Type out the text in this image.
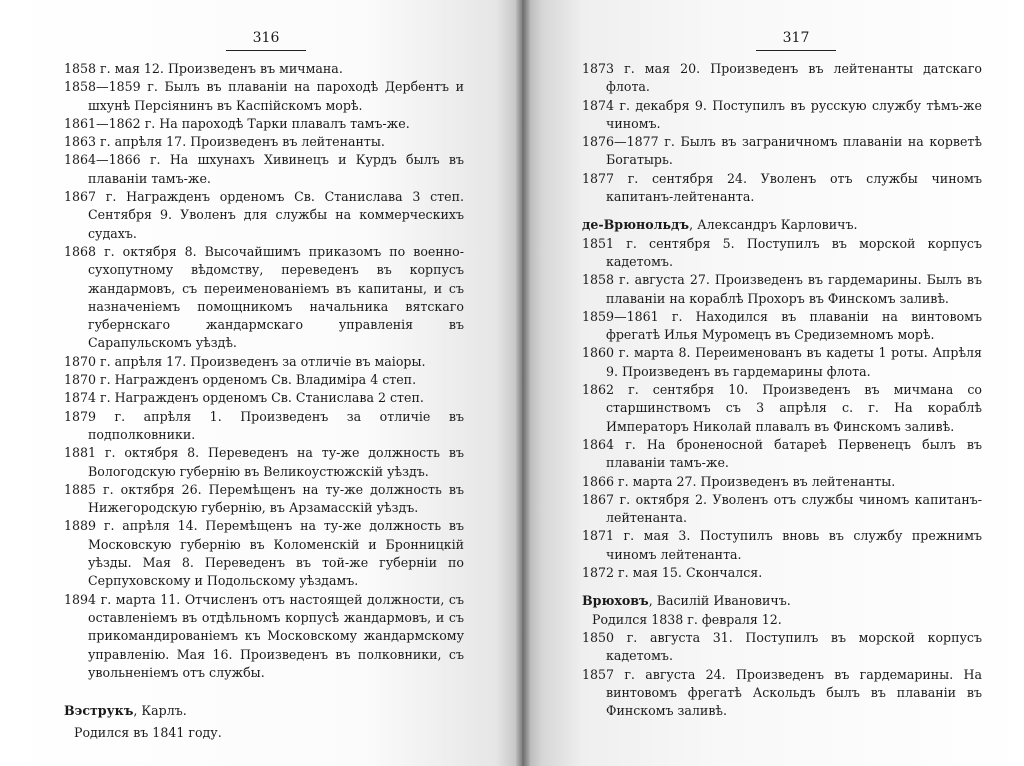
316

1858 г. мая 12. Произведенъ въ мичмана.

1858—1859 г. Былъ въ плаваніи на пароходѣ Дербентъ и шхунѣ Персіянинъ въ Каспійскомъ морѣ.

1861—1862 г. На пароходѣ Тарки плавалъ тамъ-же.

1863 г. апрѣля 17. Произведенъ въ лейтенанты.

1864—1866 г. На шхунахъ Хивинецъ и Курдъ былъ въ плаваніи тамъ-же.

1867 г. Награжденъ орденомъ Св. Станислава 3 степ. Сентября 9. Уволенъ для службы на коммерческихъ судахъ.

1868 г. октября 8. Высочайшимъ приказомъ по военно-сухопутному вѣдомству, переведенъ въ корпусъ жандармовъ, съ переименованіемъ въ капитаны, и съ назначеніемъ помощникомъ начальника вятскаго губернскаго жандармскаго управленія въ Сарапульскомъ уѣздѣ.

1870 г. апрѣля 17. Произведенъ за отличіе въ маіоры.

1870 г. Награжденъ орденомъ Св. Владиміра 4 степ.

1874 г. Награжденъ орденомъ Св. Станислава 2 степ.

1879 г. апрѣля 1. Произведенъ за отличіе въ подполковники.

1881 г. октября 8. Переведенъ на ту-же должность въ Вологодскую губернію въ Великоустюжскій уѣздъ.

1885 г. октября 26. Перемѣщенъ на ту-же должность въ Нижегородскую губернію, въ Арзамасскій уѣздъ.

1889 г. апрѣля 14. Перемѣщенъ на ту-же должность въ Московскую губернію въ Коломенскій и Бронницкій уѣзды. Мая 8. Переведенъ въ той-же губерніи по Серпуховскому и Подольскому уѣздамъ.

1894 г. марта 11. Отчисленъ отъ настоящей должности, съ оставленіемъ въ отдѣльномъ корпусѣ жандармовъ, и съ прикомандированіемъ къ Московскому жандармскому управленію. Мая 16. Произведенъ въ полковники, съ увольненіемъ отъ службы.

Вэструкъ, Карлъ.

Родился въ 1841 году.

317

1873 г. мая 20. Произведенъ въ лейтенанты датскаго флота.

1874 г. декабря 9. Поступилъ въ русскую службу тѣмъ-же чиномъ.

1876—1877 г. Былъ въ заграничномъ плаваніи на корветѣ Богатырь.

1877 г. сентября 24. Уволенъ отъ службы чиномъ капитанъ-лейтенанта.

де-Врюнольдъ, Александръ Карловичъ.

1851 г. сентября 5. Поступилъ въ морской корпусъ кадетомъ.

1858 г. августа 27. Произведенъ въ гардемарины. Былъ въ плаваніи на кораблѣ Прохоръ въ Финскомъ заливѣ.

1859—1861 г. Находился въ плаваніи на винтовомъ фрегатѣ Илья Муромецъ въ Средиземномъ морѣ.

1860 г. марта 8. Переименованъ въ кадеты 1 роты. Апрѣля 9. Произведенъ въ гардемарины флота.

1862 г. сентября 10. Произведенъ въ мичмана со старшинствомъ съ 3 апрѣля с. г. На кораблѣ Императоръ Николай плавалъ въ Финскомъ заливѣ.

1864 г. На броненосной батареѣ Первенецъ былъ въ плаваніи тамъ-же.

1866 г. марта 27. Произведенъ въ лейтенанты.

1867 г. октября 2. Уволенъ отъ службы чиномъ капитанъ-лейтенанта.

1871 г. мая 3. Поступилъ вновь въ службу прежнимъ чиномъ лейтенанта.

1872 г. мая 15. Скончался.

Врюховъ, Василій Ивановичъ.

Родился 1838 г. февраля 12.

1850 г. августа 31. Поступилъ въ морской корпусъ кадетомъ.

1857 г. августа 24. Произведенъ въ гардемарины. На винтовомъ фрегатѣ Аскольдъ былъ въ плаваніи въ Финскомъ заливѣ.
